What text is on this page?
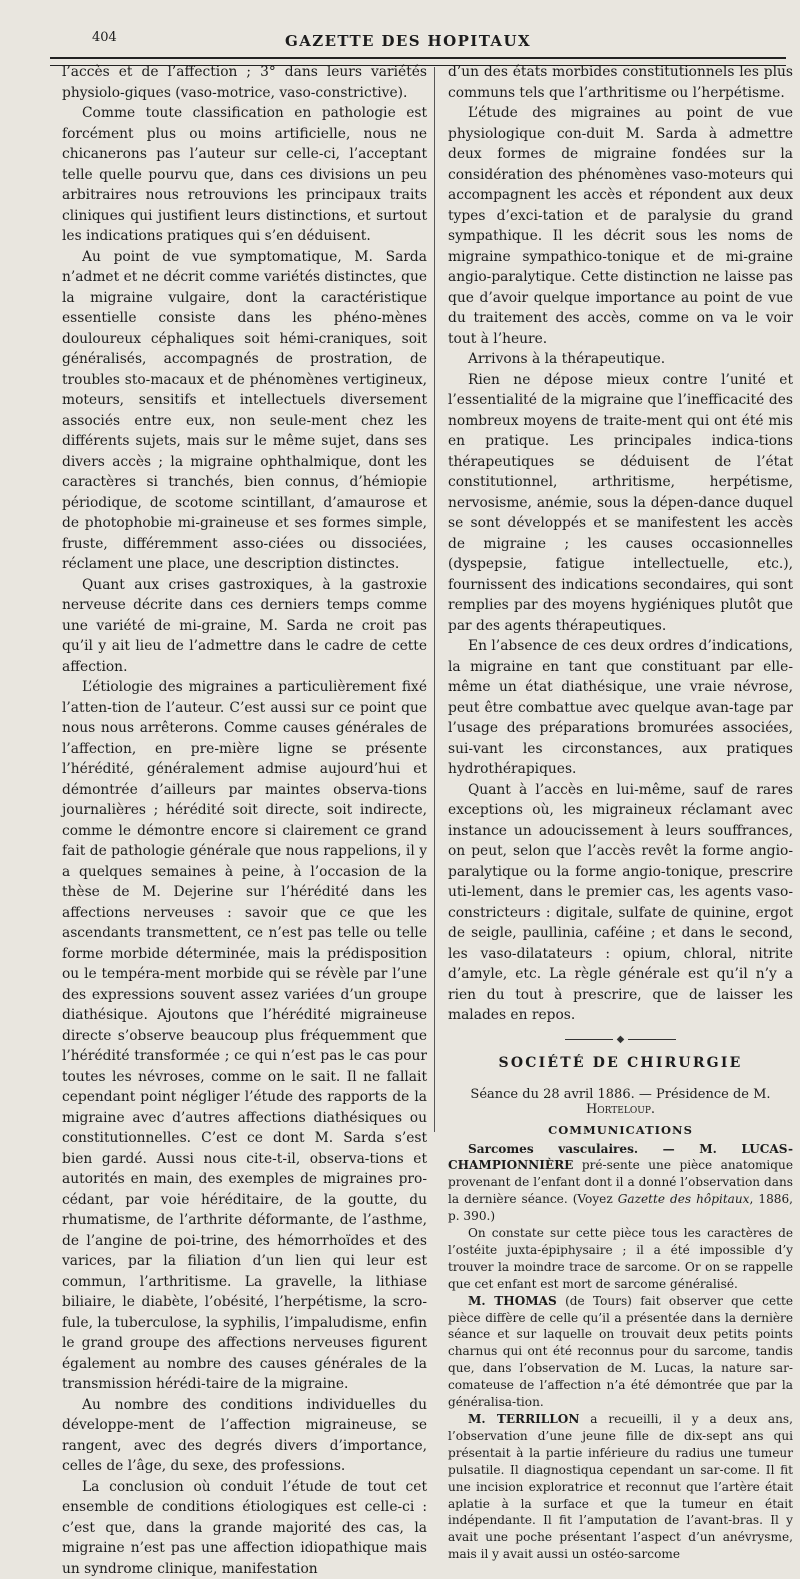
404	GAZETTE DES HOPITAUX

l’accès et de l’affection ; 3° dans leurs variétés physiolo-giques (vaso-motrice, vaso-constrictive).

Comme toute classification en pathologie est forcément plus ou moins artificielle, nous ne chicanerons pas l’auteur sur celle-ci, l’acceptant telle quelle pourvu que, dans ces divisions un peu arbitraires nous retrouvions les principaux traits cliniques qui justifient leurs distinctions, et surtout les indications pratiques qui s’en déduisent.

Au point de vue symptomatique, M. Sarda n’admet et ne décrit comme variétés distinctes, que la migraine vulgaire, dont la caractéristique essentielle consiste dans les phéno-mènes douloureux céphaliques soit hémi-craniques, soit généralisés, accompagnés de prostration, de troubles sto-macaux et de phénomènes vertigineux, moteurs, sensitifs et intellectuels diversement associés entre eux, non seule-ment chez les différents sujets, mais sur le même sujet, dans ses divers accès ; la migraine ophthalmique, dont les caractères si tranchés, bien connus, d’hémiopie périodique, de scotome scintillant, d’amaurose et de photophobie mi-graineuse et ses formes simple, fruste, différemment asso-ciées ou dissociées, réclament une place, une description distinctes.

Quant aux crises gastroxiques, à la gastroxie nerveuse décrite dans ces derniers temps comme une variété de mi-graine, M. Sarda ne croit pas qu’il y ait lieu de l’admettre dans le cadre de cette affection.

L’étiologie des migraines a particulièrement fixé l’atten-tion de l’auteur. C’est aussi sur ce point que nous nous arrêterons. Comme causes générales de l’affection, en pre-mière ligne se présente l’hérédité, généralement admise aujourd’hui et démontrée d’ailleurs par maintes observa-tions journalières ; hérédité soit directe, soit indirecte, comme le démontre encore si clairement ce grand fait de pathologie générale que nous rappelions, il y a quelques semaines à peine, à l’occasion de la thèse de M. Dejerine sur l’hérédité dans les affections nerveuses : savoir que ce que les ascendants transmettent, ce n’est pas telle ou telle forme morbide déterminée, mais la prédisposition ou le tempéra-ment morbide qui se révèle par l’une des expressions souvent assez variées d’un groupe diathésique. Ajoutons que l’hérédité migraineuse directe s’observe beaucoup plus fréquemment que l’hérédité transformée ; ce qui n’est pas le cas pour toutes les névroses, comme on le sait. Il ne fallait cependant point négliger l’étude des rapports de la migraine avec d’autres affections diathésiques ou constitutionnelles. C’est ce dont M. Sarda s’est bien gardé. Aussi nous cite-t-il, observa-tions et autorités en main, des exemples de migraines pro-cédant, par voie héréditaire, de la goutte, du rhumatisme, de l’arthrite déformante, de l’asthme, de l’angine de poi-trine, des hémorrhoïdes et des varices, par la filiation d’un lien qui leur est commun, l’arthritisme. La gravelle, la lithiase biliaire, le diabète, l’obésité, l’herpétisme, la scro-fule, la tuberculose, la syphilis, l’impaludisme, enfin le grand groupe des affections nerveuses figurent également au nombre des causes générales de la transmission hérédi-taire de la migraine.

Au nombre des conditions individuelles du développe-ment de l’affection migraineuse, se rangent, avec des degrés divers d’importance, celles de l’âge, du sexe, des professions.

La conclusion où conduit l’étude de tout cet ensemble de conditions étiologiques est celle-ci : c’est que, dans la grande majorité des cas, la migraine n’est pas une affection idiopathique mais un syndrome clinique, manifestation

d’un des états morbides constitutionnels les plus communs tels que l’arthritisme ou l’herpétisme.

L’étude des migraines au point de vue physiologique con-duit M. Sarda à admettre deux formes de migraine fondées sur la considération des phénomènes vaso-moteurs qui accompagnent les accès et répondent aux deux types d’exci-tation et de paralysie du grand sympathique. Il les décrit sous les noms de migraine sympathico-tonique et de mi-graine angio-paralytique. Cette distinction ne laisse pas que d’avoir quelque importance au point de vue du traitement des accès, comme on va le voir tout à l’heure.

Arrivons à la thérapeutique.

Rien ne dépose mieux contre l’unité et l’essentialité de la migraine que l’inefficacité des nombreux moyens de traite-ment qui ont été mis en pratique. Les principales indica-tions thérapeutiques se déduisent de l’état constitutionnel, arthritisme, herpétisme, nervosisme, anémie, sous la dépen-dance duquel se sont développés et se manifestent les accès de migraine ; les causes occasionnelles (dyspepsie, fatigue intellectuelle, etc.), fournissent des indications secondaires, qui sont remplies par des moyens hygiéniques plutôt que par des agents thérapeutiques.

En l’absence de ces deux ordres d’indications, la migraine en tant que constituant par elle-même un état diathésique, une vraie névrose, peut être combattue avec quelque avan-tage par l’usage des préparations bromurées associées, sui-vant les circonstances, aux pratiques hydrothérapiques.

Quant à l’accès en lui-même, sauf de rares exceptions où, les migraineux réclamant avec instance un adoucissement à leurs souffrances, on peut, selon que l’accès revêt la forme angio-paralytique ou la forme angio-tonique, prescrire uti-lement, dans le premier cas, les agents vaso-constricteurs : digitale, sulfate de quinine, ergot de seigle, paullinia, caféine ; et dans le second, les vaso-dilatateurs : opium, chloral, nitrite d’amyle, etc. La règle générale est qu’il n’y a rien du tout à prescrire, que de laisser les malades en repos.

◆
SOCIÉTÉ DE CHIRURGIE

Séance du 28 avril 1886. — Présidence de M. Horteloup.

COMMUNICATIONS

Sarcomes vasculaires. — M. LUCAS-CHAMPIONNIÈRE pré-sente une pièce anatomique provenant de l’enfant dont il a donné l’observation dans la dernière séance. (Voyez Gazette des hôpitaux, 1886, p. 390.)

On constate sur cette pièce tous les caractères de l’ostéite juxta-épiphysaire ; il a été impossible d’y trouver la moindre trace de sarcome. Or on se rappelle que cet enfant est mort de sarcome généralisé.

M. THOMAS (de Tours) fait observer que cette pièce diffère de celle qu’il a présentée dans la dernière séance et sur laquelle on trouvait deux petits points charnus qui ont été reconnus pour du sarcome, tandis que, dans l’observation de M. Lucas, la nature sar-comateuse de l’affection n’a été démontrée que par la généralisa-tion.

M. TERRILLON a recueilli, il y a deux ans, l’observation d’une jeune fille de dix-sept ans qui présentait à la partie inférieure du radius une tumeur pulsatile. Il diagnostiqua cependant un sar-come. Il fit une incision exploratrice et reconnut que l’artère était aplatie à la surface et que la tumeur en était indépendante. Il fit l’amputation de l’avant-bras. Il y avait une poche présentant l’aspect d’un anévrysme, mais il y avait aussi un ostéo-sarcome
